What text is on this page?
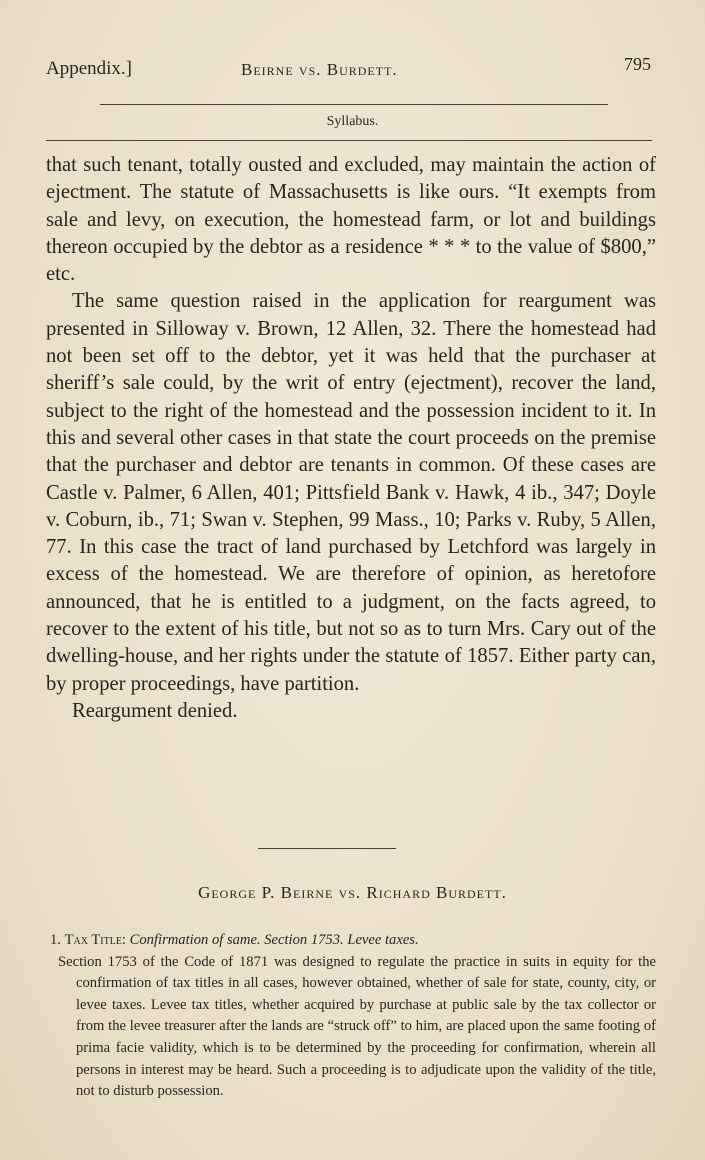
Appendix.]	Beirne vs. Burdett.	795
Syllabus.

that such tenant, totally ousted and excluded, may maintain the action of ejectment. The statute of Massachusetts is like ours. “It exempts from sale and levy, on execution, the homestead farm, or lot and buildings thereon occupied by the debtor as a residence * * * to the value of $800,” etc.

The same question raised in the application for reargument was presented in Silloway v. Brown, 12 Allen, 32. There the homestead had not been set off to the debtor, yet it was held that the purchaser at sheriff’s sale could, by the writ of entry (ejectment), recover the land, subject to the right of the homestead and the possession incident to it. In this and several other cases in that state the court proceeds on the premise that the purchaser and debtor are tenants in common. Of these cases are Castle v. Palmer, 6 Allen, 401; Pittsfield Bank v. Hawk, 4 ib., 347; Doyle v. Coburn, ib., 71; Swan v. Stephen, 99 Mass., 10; Parks v. Ruby, 5 Allen, 77. In this case the tract of land purchased by Letchford was largely in excess of the homestead. We are therefore of opinion, as heretofore announced, that he is entitled to a judgment, on the facts agreed, to recover to the extent of his title, but not so as to turn Mrs. Cary out of the dwelling-house, and her rights under the statute of 1857. Either party can, by proper proceedings, have partition.

Reargument denied.

George P. Beirne vs. Richard Burdett.

1. Tax Title: Confirmation of same. Section 1753. Levee taxes.

Section 1753 of the Code of 1871 was designed to regulate the practice in suits in equity for the confirmation of tax titles in all cases, however obtained, whether of sale for state, county, city, or levee taxes. Levee tax titles, whether acquired by purchase at public sale by the tax collector or from the levee treasurer after the lands are “struck off” to him, are placed upon the same footing of prima facie validity, which is to be determined by the proceeding for confirmation, wherein all persons in interest may be heard. Such a proceeding is to adjudicate upon the validity of the title, not to disturb possession.
